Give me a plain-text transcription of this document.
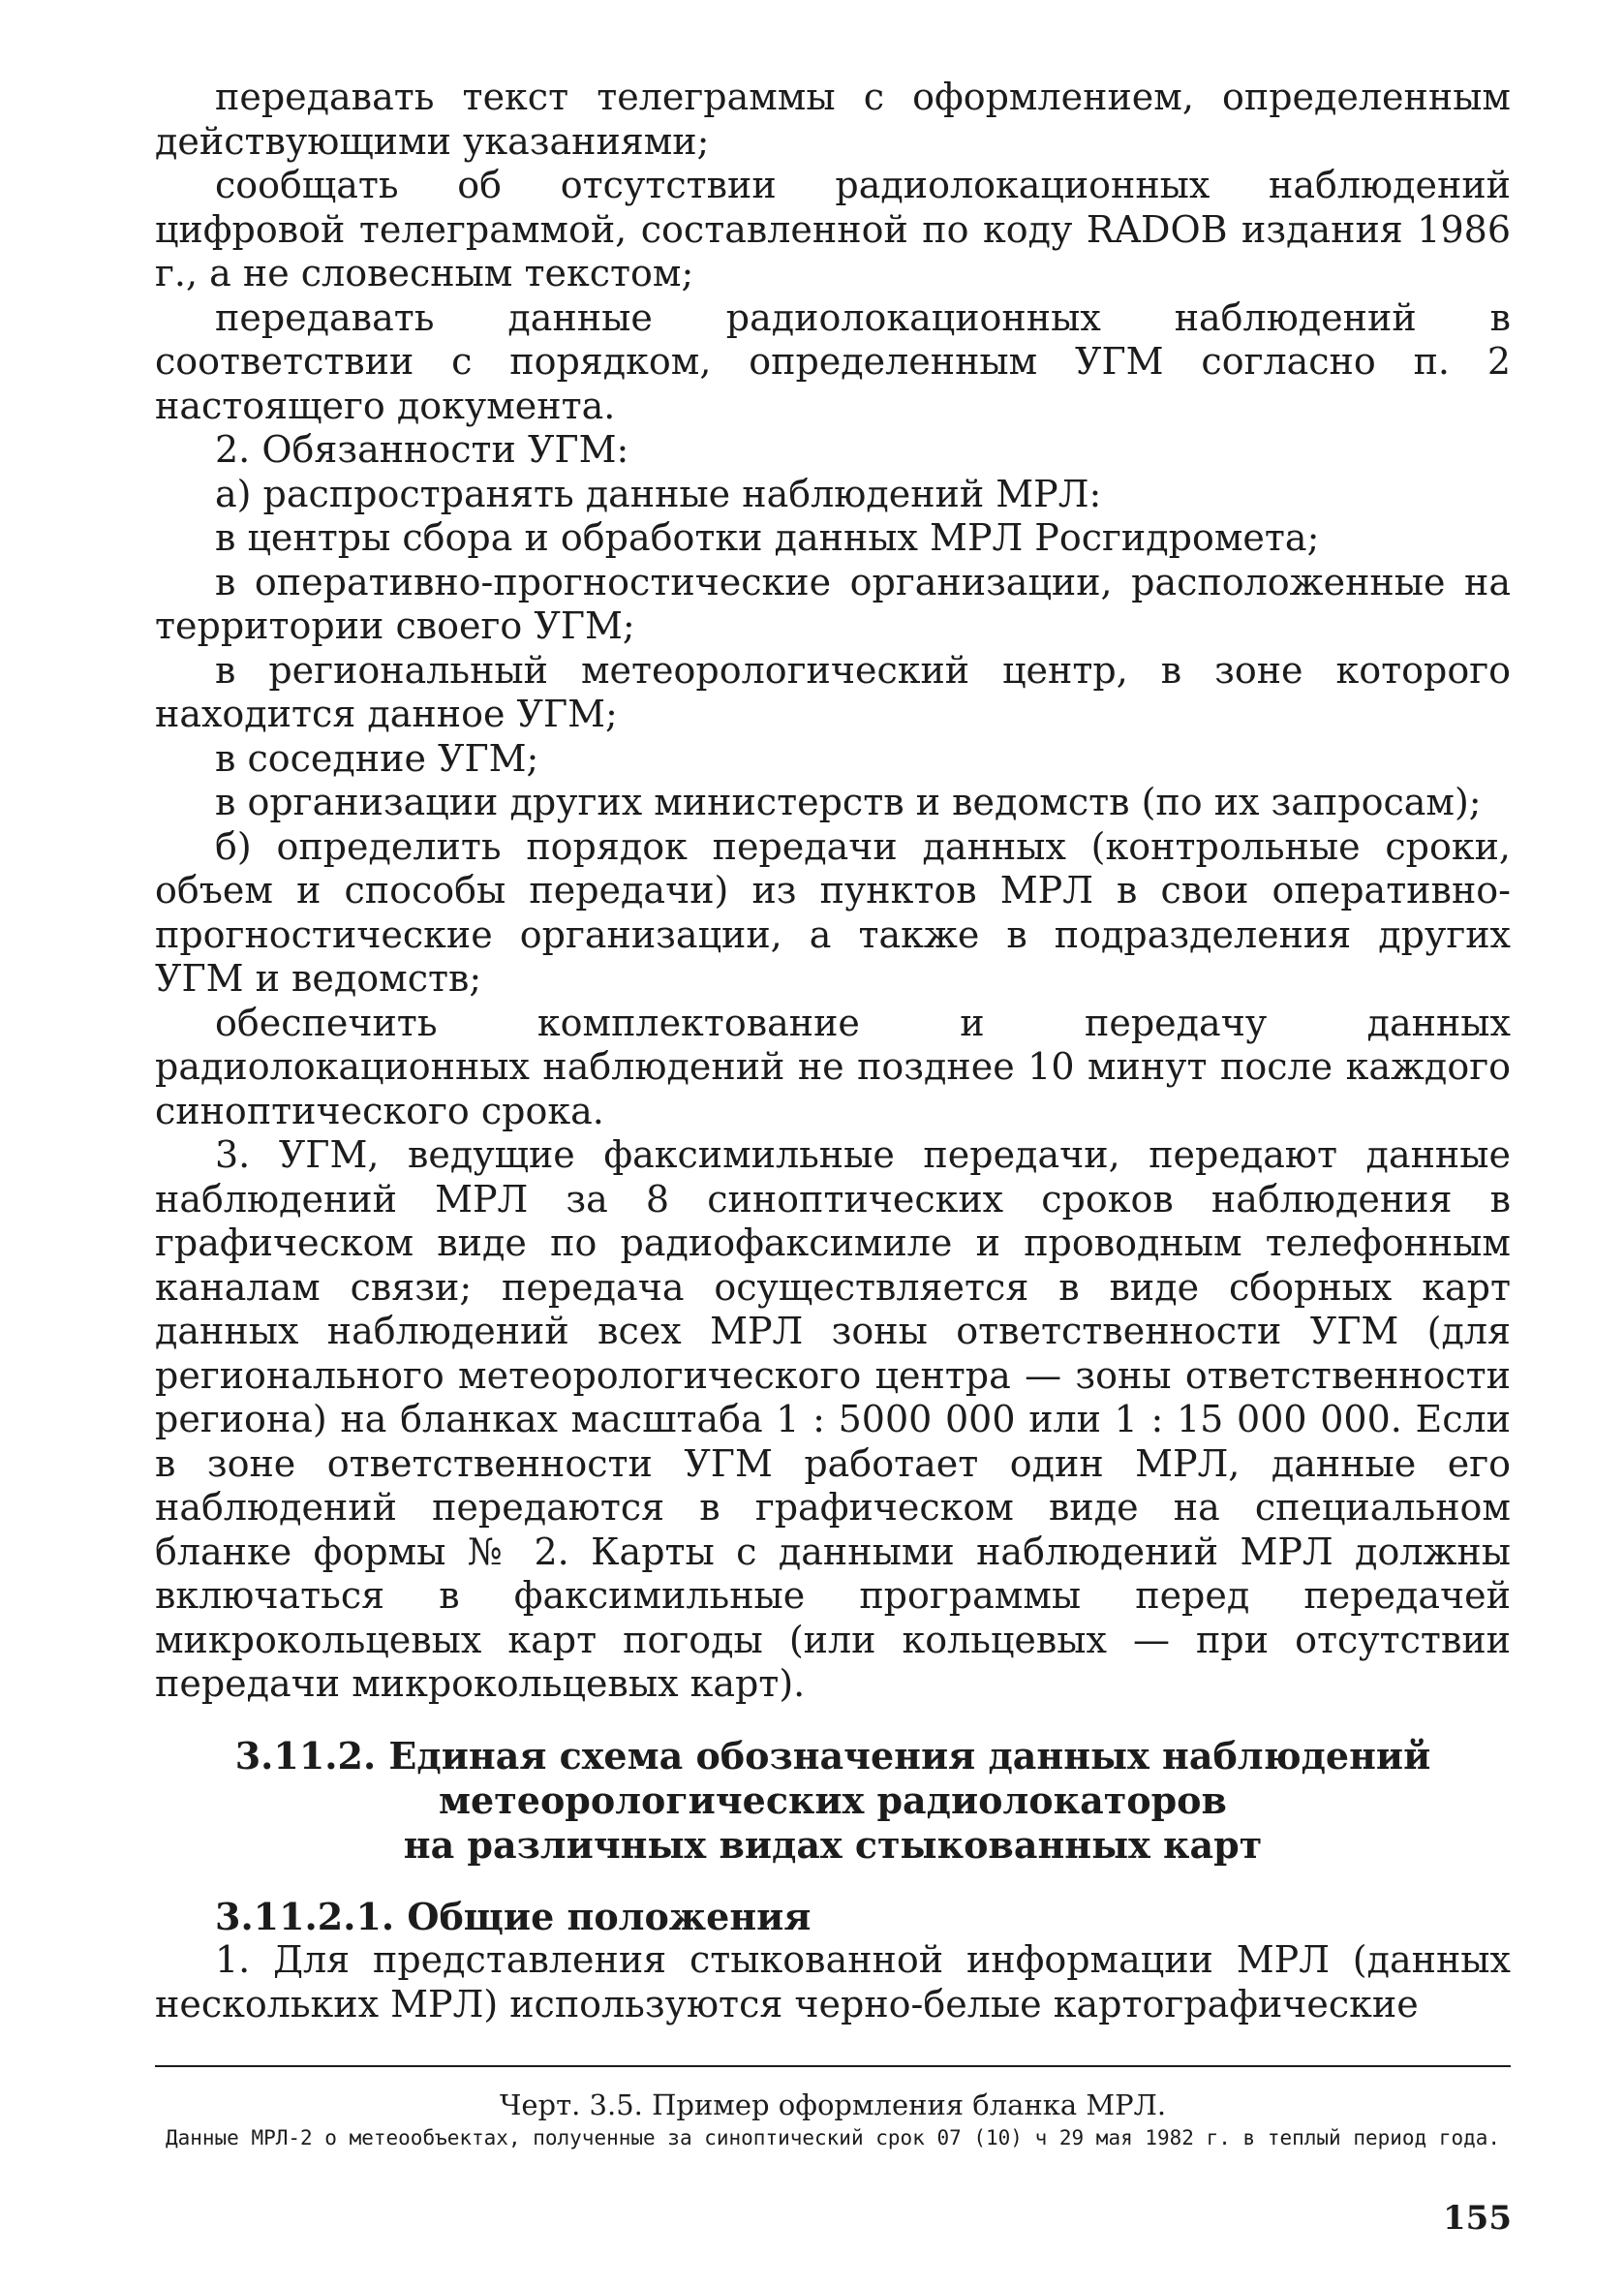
передавать текст телеграммы с оформлением, определенным действующими указаниями;

сообщать об отсутствии радиолокационных наблюдений цифровой телеграммой, составленной по коду RADOB издания 1986 г., а не словесным текстом;

передавать данные радиолокационных наблюдений в соответствии с порядком, определенным УГМ согласно п. 2 настоящего документа.

2. Обязанности УГМ:

а) распространять данные наблюдений МРЛ:

в центры сбора и обработки данных МРЛ Росгидромета;

в оперативно-прогностические организации, расположенные на территории своего УГМ;

в региональный метеорологический центр, в зоне которого находится данное УГМ;

в соседние УГМ;

в организации других министерств и ведомств (по их запросам);

б) определить порядок передачи данных (контрольные сроки, объем и способы передачи) из пунктов МРЛ в свои оперативно-прогностические организации, а также в подразделения других УГМ и ведомств;

обеспечить комплектование и передачу данных радиолокационных наблюдений не позднее 10 минут после каждого синоптического срока.

3. УГМ, ведущие факсимильные передачи, передают данные наблюдений МРЛ за 8 синоптических сроков наблюдения в графическом виде по радиофаксимиле и проводным телефонным каналам связи; передача осуществляется в виде сборных карт данных наблюдений всех МРЛ зоны ответственности УГМ (для регионального метеорологического центра — зоны ответственности региона) на бланках масштаба 1 : 5000 000 или 1 : 15 000 000. Если в зоне ответственности УГМ работает один МРЛ, данные его наблюдений передаются в графическом виде на специальном бланке формы № 2. Карты с данными наблюдений МРЛ должны включаться в факсимильные программы перед передачей микрокольцевых карт погоды (или кольцевых — при отсутствии передачи микрокольцевых карт).

3.11.2. Единая схема обозначения данных наблюдений
метеорологических радиолокаторов
на различных видах стыкованных карт

3.11.2.1. Общие положения

1. Для представления стыкованной информации МРЛ (данных нескольких МРЛ) используются черно-белые картографические

Черт. 3.5. Пример оформления бланка МРЛ.
Данные МРЛ-2 о метеообъектах, полученные за синоптический срок 07 (10) ч 29 мая 1982 г. в теплый период года.
155
